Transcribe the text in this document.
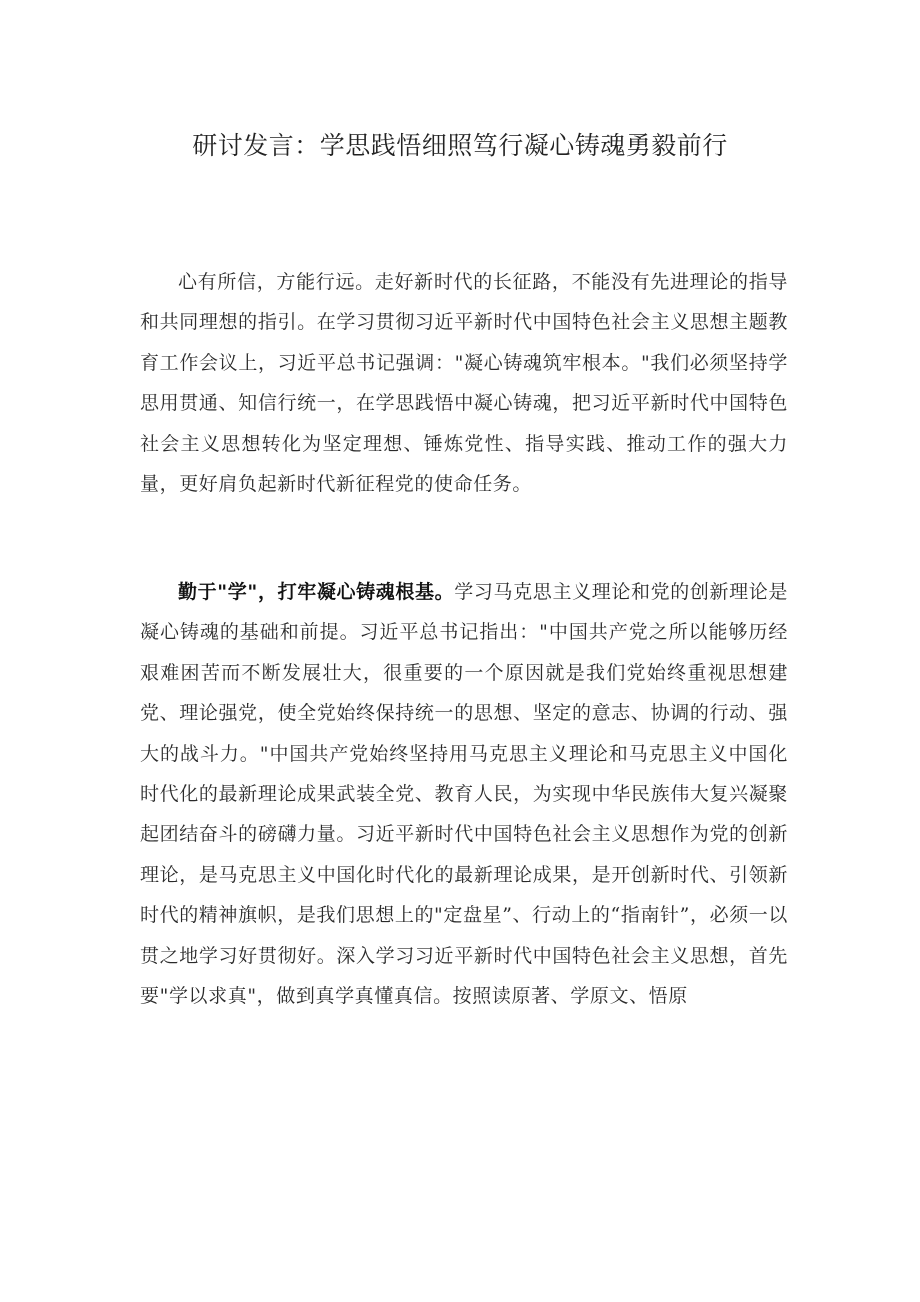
研讨发言：学思践悟细照笃行凝心铸魂勇毅前行

心有所信，方能行远。走好新时代的长征路，不能没有先进理论的指导和共同理想的指引。在学习贯彻习近平新时代中国特色社会主义思想主题教育工作会议上，习近平总书记强调："凝心铸魂筑牢根本。"我们必须坚持学思用贯通、知信行统一，在学思践悟中凝心铸魂，把习近平新时代中国特色社会主义思想转化为坚定理想、锤炼党性、指导实践、推动工作的强大力量，更好肩负起新时代新征程党的使命任务。

勤于"学"，打牢凝心铸魂根基。学习马克思主义理论和党的创新理论是凝心铸魂的基础和前提。习近平总书记指出："中国共产党之所以能够历经艰难困苦而不断发展壮大，很重要的一个原因就是我们党始终重视思想建党、理论强党，使全党始终保持统一的思想、坚定的意志、协调的行动、强大的战斗力。"中国共产党始终坚持用马克思主义理论和马克思主义中国化时代化的最新理论成果武装全党、教育人民，为实现中华民族伟大复兴凝聚起团结奋斗的磅礴力量。习近平新时代中国特色社会主义思想作为党的创新理论，是马克思主义中国化时代化的最新理论成果，是开创新时代、引领新时代的精神旗帜，是我们思想上的"定盘星”、行动上的“指南针”，必须一以贯之地学习好贯彻好。深入学习习近平新时代中国特色社会主义思想，首先要"学以求真"，做到真学真懂真信。按照读原著、学原文、悟原
